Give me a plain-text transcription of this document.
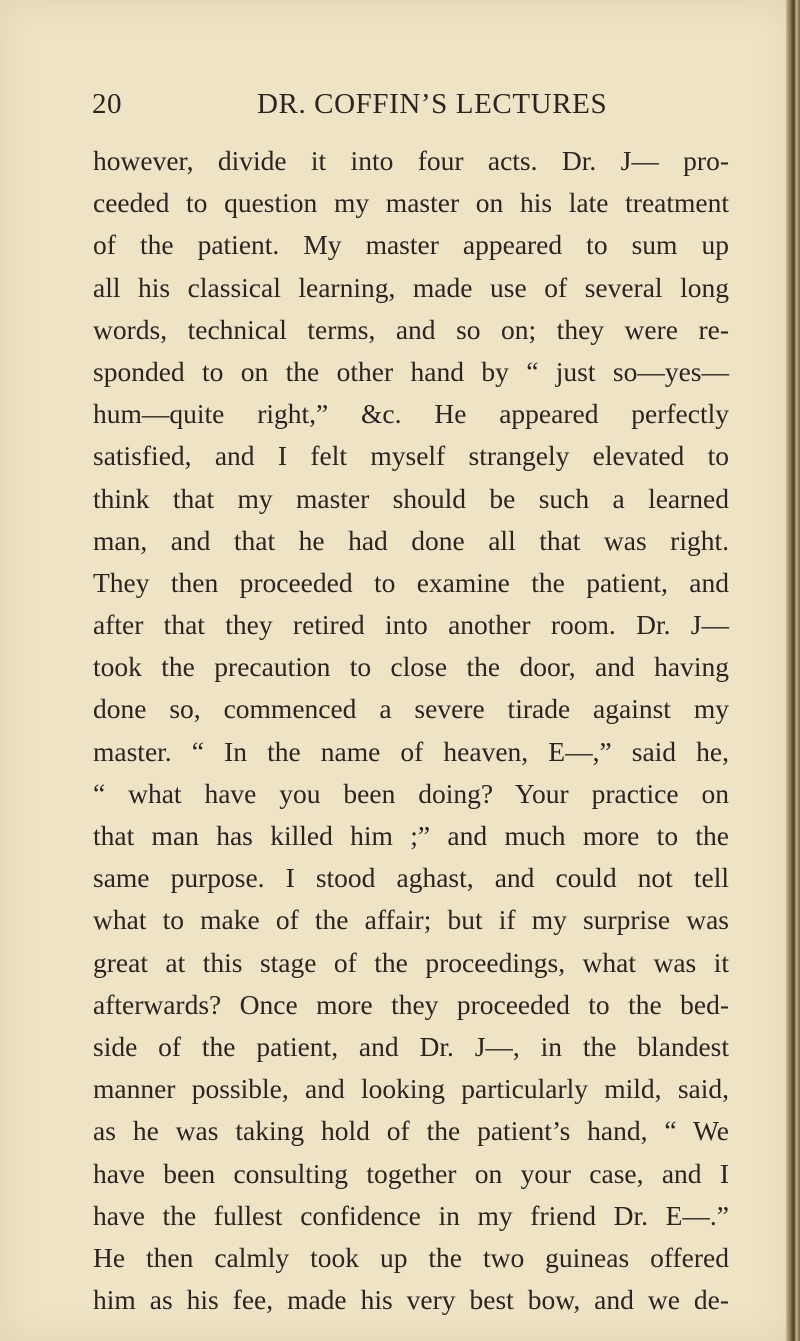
20	DR. COFFIN’S LECTURES
however, divide it into four acts. Dr. J— pro-
ceeded to question my master on his late treatment
of the patient. My master appeared to sum up
all his classical learning, made use of several long
words, technical terms, and so on; they were re-
sponded to on the other hand by “ just so—yes—
hum—quite right,” &c. He appeared perfectly
satisfied, and I felt myself strangely elevated to
think that my master should be such a learned
man, and that he had done all that was right.
They then proceeded to examine the patient, and
after that they retired into another room. Dr. J—
took the precaution to close the door, and having
done so, commenced a severe tirade against my
master. “ In the name of heaven, E—,” said he,
“ what have you been doing? Your practice on
that man has killed him ;” and much more to the
same purpose. I stood aghast, and could not tell
what to make of the affair; but if my surprise was
great at this stage of the proceedings, what was it
afterwards? Once more they proceeded to the bed-
side of the patient, and Dr. J—, in the blandest
manner possible, and looking particularly mild, said,
as he was taking hold of the patient’s hand, “ We
have been consulting together on your case, and I
have the fullest confidence in my friend Dr. E—.”
He then calmly took up the two guineas offered
him as his fee, made his very best bow, and we de-
